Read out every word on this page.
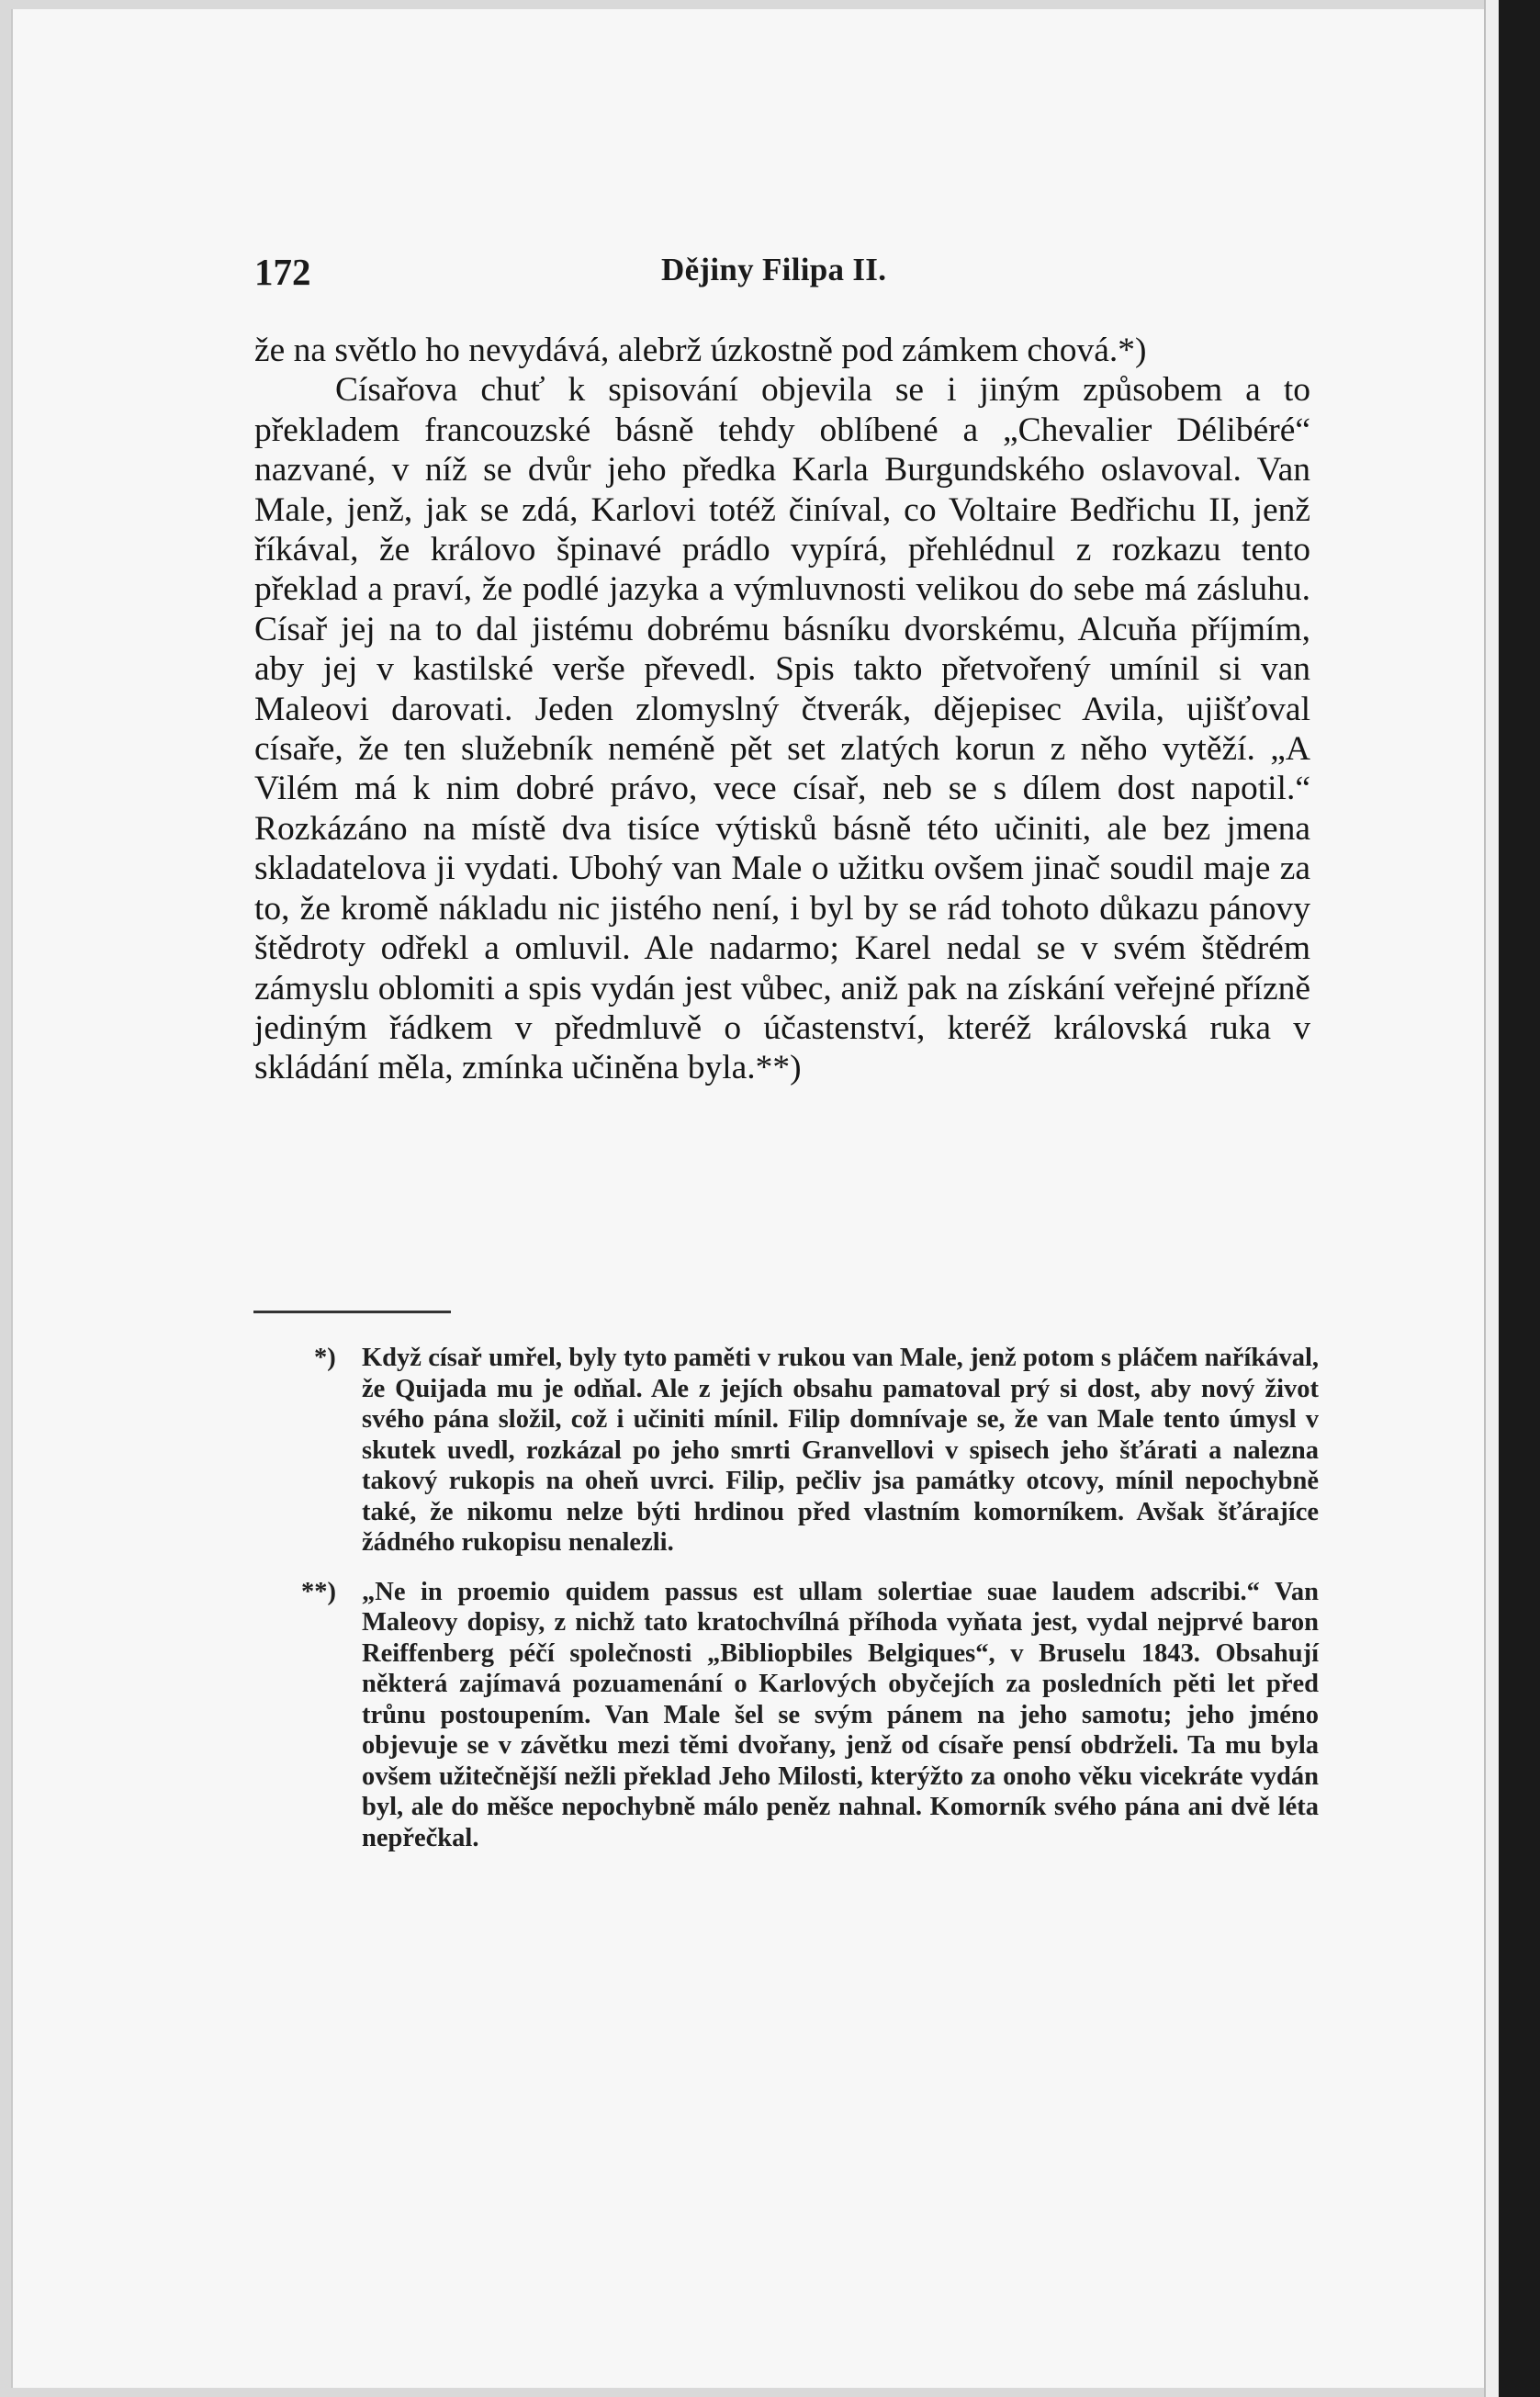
172	Dějiny Filipa II.

že na světlo ho nevydává, alebrž úzkostně pod zámkem chová.*)

Císařova chuť k spisování objevila se i jiným způsobem a to překladem francouzské básně tehdy oblíbené a „Chevalier Délibéré“ nazvané, v níž se dvůr jeho předka Karla Burgundského oslavoval. Van Male, jenž, jak se zdá, Karlovi totéž činíval, co Voltaire Bedřichu II, jenž říkával, že královo špinavé prádlo vypírá, přehlédnul z rozkazu tento překlad a praví, že podlé jazyka a výmluvnosti velikou do sebe má zásluhu. Císař jej na to dal jistému dobrému básníku dvorskému, Alcuňa příjmím, aby jej v kastilské verše převedl. Spis takto přetvořený umínil si van Maleovi darovati. Jeden zlomyslný čtverák, dějepisec Avila, ujišťoval císaře, že ten služebník neméně pět set zlatých korun z něho vytěží. „A Vilém má k nim dobré právo, vece císař, neb se s dílem dost napotil.“ Rozkázáno na místě dva tisíce výtisků básně této učiniti, ale bez jmena skladatelova ji vydati. Ubohý van Male o užitku ovšem jinač soudil maje za to, že kromě nákladu nic jistého není, i byl by se rád tohoto důkazu pánovy štědroty odřekl a omluvil. Ale nadarmo; Karel nedal se v svém štědrém zámyslu oblomiti a spis vydán jest vůbec, aniž pak na získání veřejné přízně jediným řádkem v předmluvě o účastenství, kteréž královská ruka v skládání měla, zmínka učiněna byla.**)

*) Když císař umřel, byly tyto paměti v rukou van Male, jenž potom s pláčem naříkával, že Quijada mu je odňal. Ale z jejích obsahu pamatoval prý si dost, aby nový život svého pána složil, což i učiniti mínil. Filip domnívaje se, že van Male tento úmysl v skutek uvedl, rozkázal po jeho smrti Granvellovi v spisech jeho šťárati a nalezna takový rukopis na oheň uvrci. Filip, pečliv jsa památky otcovy, mínil nepochybně také, že nikomu nelze býti hrdinou před vlastním komorníkem. Avšak šťárajíce žádného rukopisu nenalezli.
**) „Ne in proemio quidem passus est ullam solertiae suae laudem adscribi.“ Van Maleovy dopisy, z nichž tato kratochvílná příhoda vyňata jest, vydal nejprvé baron Reiffenberg péčí společnosti „Bibliopbiles Belgiques“, v Bruselu 1843. Obsahují některá zajímavá pozuamenání o Karlových obyčejích za posledních pěti let před trůnu postoupením. Van Male šel se svým pánem na jeho samotu; jeho jméno objevuje se v závětku mezi těmi dvořany, jenž od císaře pensí obdrželi. Ta mu byla ovšem užitečnější nežli překlad Jeho Milosti, kterýžto za onoho věku vicekráte vydán byl, ale do měšce nepochybně málo peněz nahnal. Komorník svého pána ani dvě léta nepřečkal.
